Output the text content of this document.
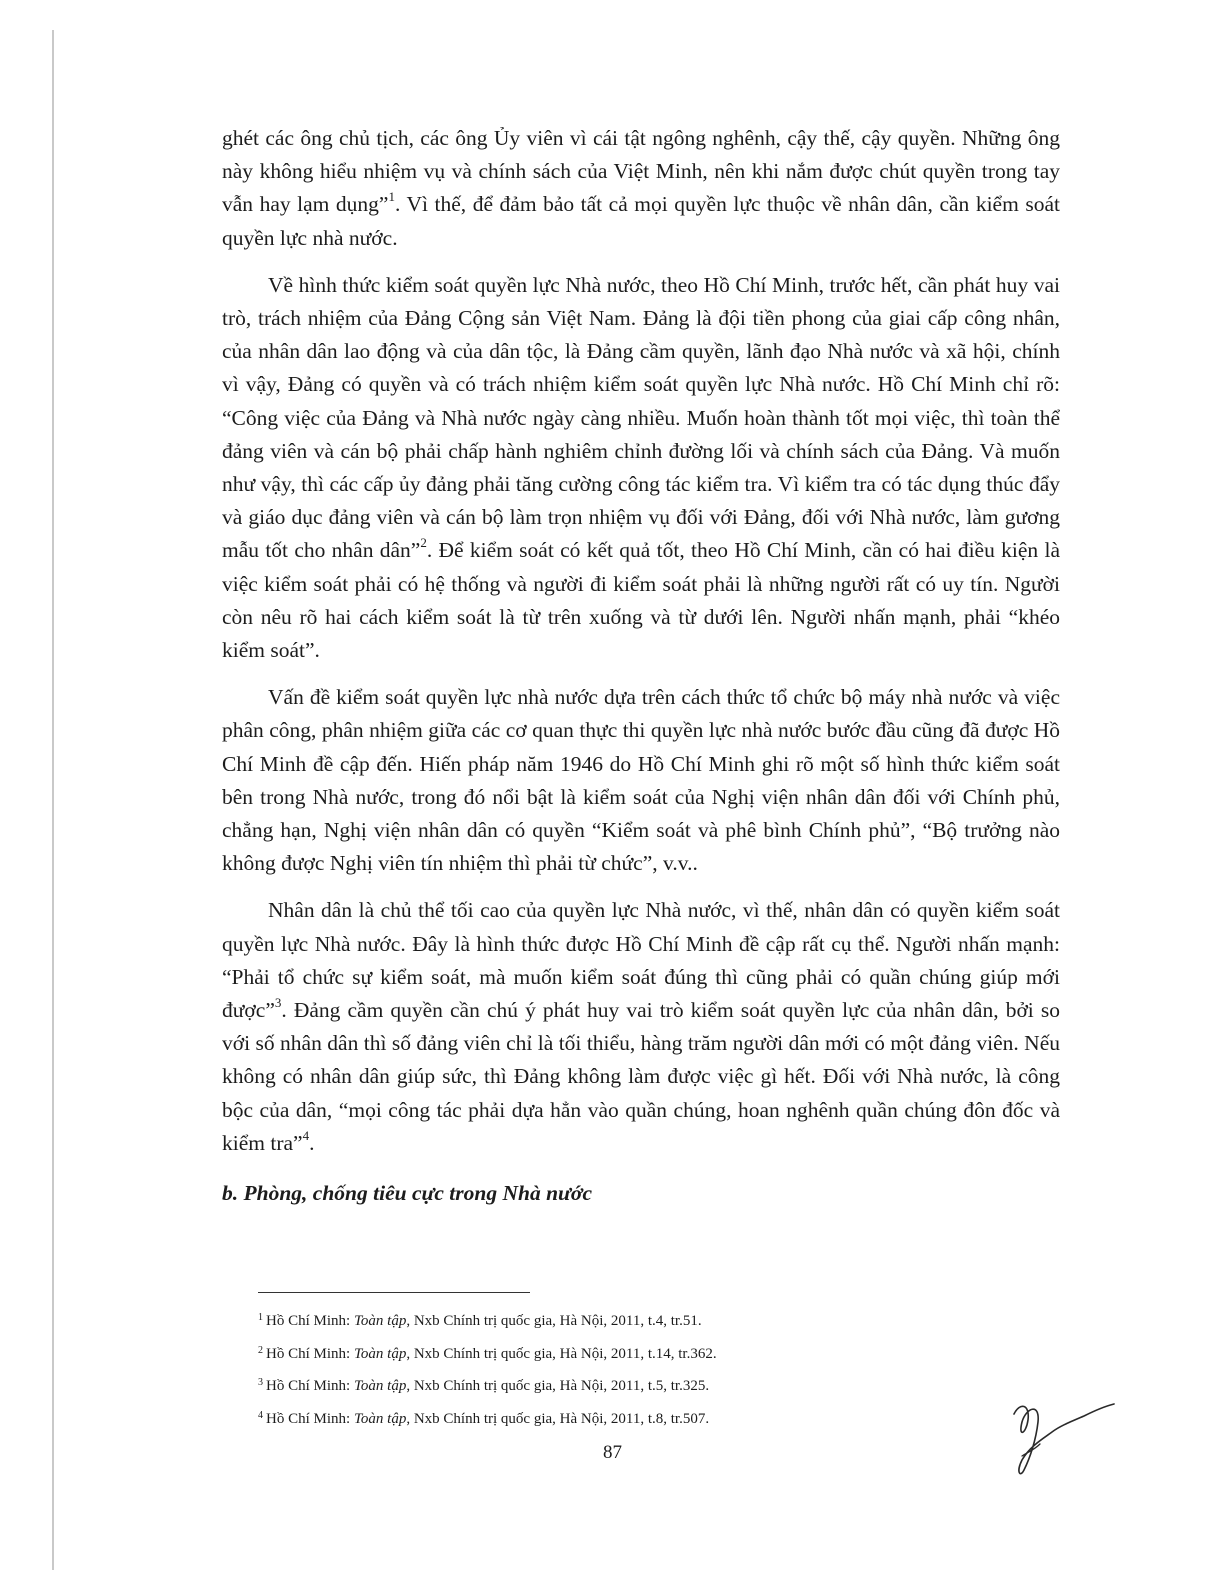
ghét các ông chủ tịch, các ông Ủy viên vì cái tật ngông nghênh, cậy thế, cậy quyền. Những ông này không hiểu nhiệm vụ và chính sách của Việt Minh, nên khi nắm được chút quyền trong tay vẫn hay lạm dụng”$^1$. Vì thế, để đảm bảo tất cả mọi quyền lực thuộc về nhân dân, cần kiểm soát quyền lực nhà nước.

Về hình thức kiểm soát quyền lực Nhà nước, theo Hồ Chí Minh, trước hết, cần phát huy vai trò, trách nhiệm của Đảng Cộng sản Việt Nam. Đảng là đội tiền phong của giai cấp công nhân, của nhân dân lao động và của dân tộc, là Đảng cầm quyền, lãnh đạo Nhà nước và xã hội, chính vì vậy, Đảng có quyền và có trách nhiệm kiểm soát quyền lực Nhà nước. Hồ Chí Minh chỉ rõ: “Công việc của Đảng và Nhà nước ngày càng nhiều. Muốn hoàn thành tốt mọi việc, thì toàn thể đảng viên và cán bộ phải chấp hành nghiêm chỉnh đường lối và chính sách của Đảng. Và muốn như vậy, thì các cấp ủy đảng phải tăng cường công tác kiểm tra. Vì kiểm tra có tác dụng thúc đẩy và giáo dục đảng viên và cán bộ làm trọn nhiệm vụ đối với Đảng, đối với Nhà nước, làm gương mẫu tốt cho nhân dân”$^2$. Để kiểm soát có kết quả tốt, theo Hồ Chí Minh, cần có hai điều kiện là việc kiểm soát phải có hệ thống và người đi kiểm soát phải là những người rất có uy tín. Người còn nêu rõ hai cách kiểm soát là từ trên xuống và từ dưới lên. Người nhấn mạnh, phải “khéo kiểm soát”.

Vấn đề kiểm soát quyền lực nhà nước dựa trên cách thức tổ chức bộ máy nhà nước và việc phân công, phân nhiệm giữa các cơ quan thực thi quyền lực nhà nước bước đầu cũng đã được Hồ Chí Minh đề cập đến. Hiến pháp năm 1946 do Hồ Chí Minh ghi rõ một số hình thức kiểm soát bên trong Nhà nước, trong đó nổi bật là kiểm soát của Nghị viện nhân dân đối với Chính phủ, chẳng hạn, Nghị viện nhân dân có quyền “Kiểm soát và phê bình Chính phủ”, “Bộ trưởng nào không được Nghị viên tín nhiệm thì phải từ chức”, v.v..

Nhân dân là chủ thể tối cao của quyền lực Nhà nước, vì thế, nhân dân có quyền kiểm soát quyền lực Nhà nước. Đây là hình thức được Hồ Chí Minh đề cập rất cụ thể. Người nhấn mạnh: “Phải tổ chức sự kiểm soát, mà muốn kiểm soát đúng thì cũng phải có quần chúng giúp mới được”$^3$. Đảng cầm quyền cần chú ý phát huy vai trò kiểm soát quyền lực của nhân dân, bởi so với số nhân dân thì số đảng viên chỉ là tối thiểu, hàng trăm người dân mới có một đảng viên. Nếu không có nhân dân giúp sức, thì Đảng không làm được việc gì hết. Đối với Nhà nước, là công bộc của dân, “mọi công tác phải dựa hẳn vào quần chúng, hoan nghênh quần chúng đôn đốc và kiểm tra”$^4$.

b. Phòng, chống tiêu cực trong Nhà nước

$^1$ Hồ Chí Minh: Toàn tập, Nxb Chính trị quốc gia, Hà Nội, 2011, t.4, tr.51.
$^2$ Hồ Chí Minh: Toàn tập, Nxb Chính trị quốc gia, Hà Nội, 2011, t.14, tr.362.
$^3$ Hồ Chí Minh: Toàn tập, Nxb Chính trị quốc gia, Hà Nội, 2011, t.5, tr.325.
$^4$ Hồ Chí Minh: Toàn tập, Nxb Chính trị quốc gia, Hà Nội, 2011, t.8, tr.507.
87
